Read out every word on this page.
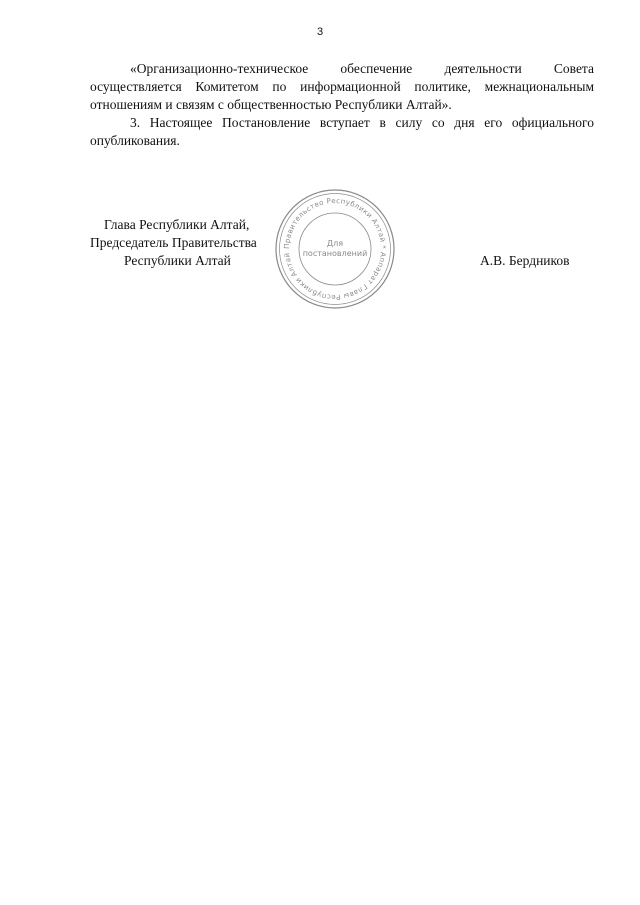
3

«Организационно-техническое обеспечение деятельности Совета осуществляется Комитетом по информационной политике, межнациональным отношениям и связям с общественностью Республики Алтай».

3. Настоящее Постановление вступает в силу со дня его официального опубликования.

Глава Республики Алтай,
Председатель Правительства
Республики Алтай	А.В. Бердников
Правительство Республики Алтай * Аппарат Главы Республики Алтай
Для
постановлений
